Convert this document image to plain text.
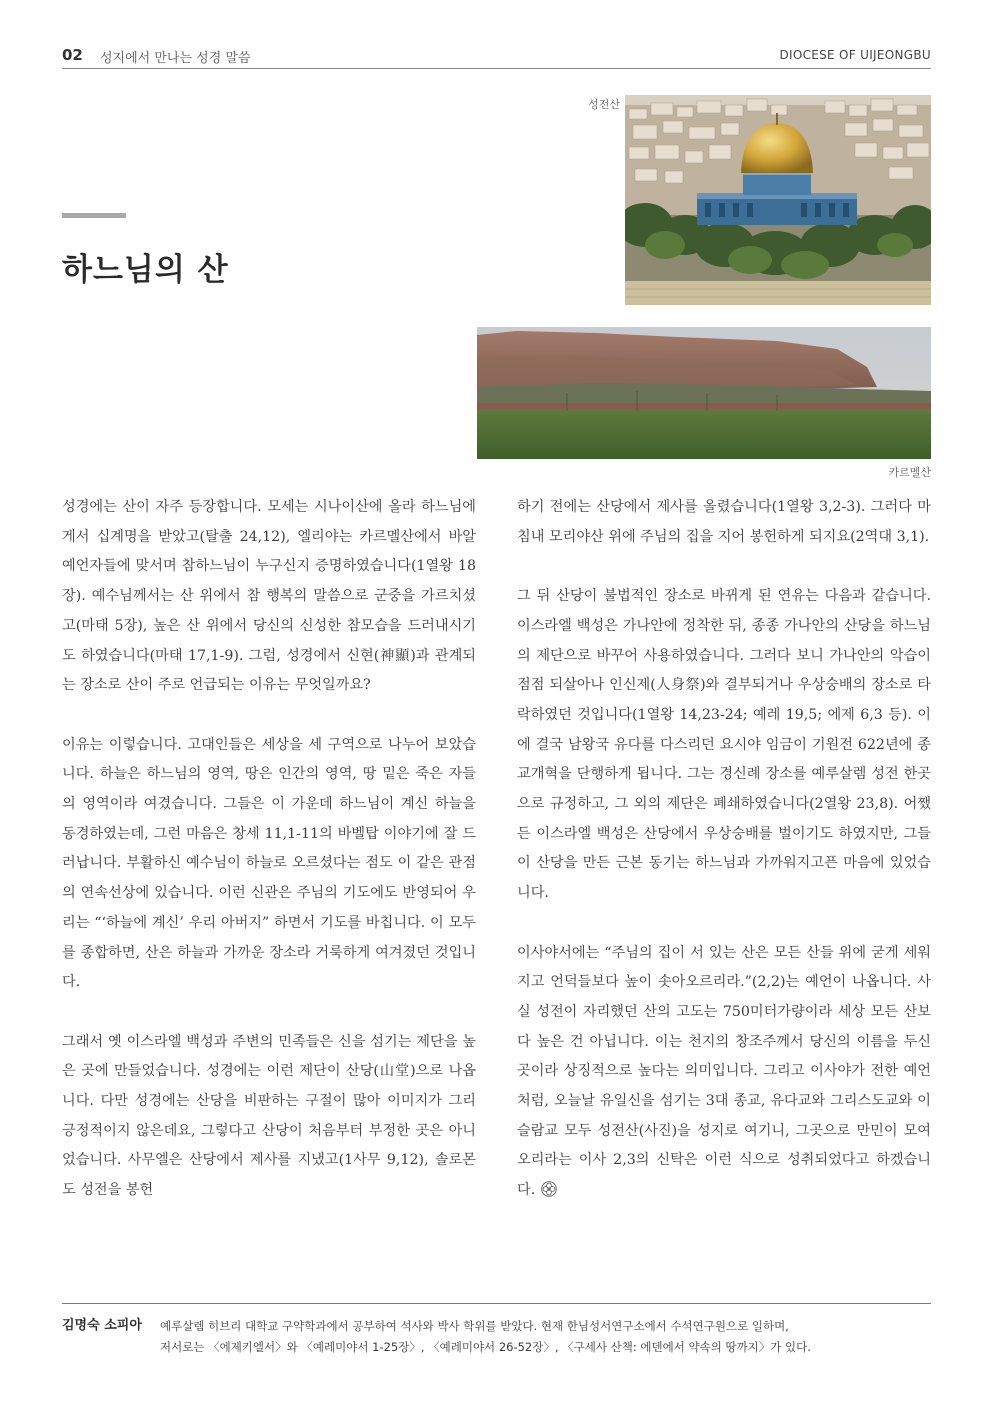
02 성지에서 만나는 성경 말씀	DIOCESE OF UIJEONGBU
하느님의 산
성전산
카르멜산

성경에는 산이 자주 등장합니다. 모세는 시나이산에 올라 하느님에게서 십계명을 받았고(탈출 24,12), 엘리야는 카르멜산에서 바알 예언자들에 맞서며 참하느님이 누구신지 증명하였습니다(1열왕 18장). 예수님께서는 산 위에서 참 행복의 말씀으로 군중을 가르치셨고(마태 5장), 높은 산 위에서 당신의 신성한 참모습을 드러내시기도 하였습니다(마태 17,1-9). 그럼, 성경에서 신현(神顯)과 관계되는 장소로 산이 주로 언급되는 이유는 무엇일까요?

이유는 이렇습니다. 고대인들은 세상을 세 구역으로 나누어 보았습니다. 하늘은 하느님의 영역, 땅은 인간의 영역, 땅 밑은 죽은 자들의 영역이라 여겼습니다. 그들은 이 가운데 하느님이 계신 하늘을 동경하였는데, 그런 마음은 창세 11,1-11의 바벨탑 이야기에 잘 드러납니다. 부활하신 예수님이 하늘로 오르셨다는 점도 이 같은 관점의 연속선상에 있습니다. 이런 신관은 주님의 기도에도 반영되어 우리는 “‘하늘에 계신’ 우리 아버지” 하면서 기도를 바칩니다. 이 모두를 종합하면, 산은 하늘과 가까운 장소라 거룩하게 여겨졌던 것입니다.

그래서 옛 이스라엘 백성과 주변의 민족들은 신을 섬기는 제단을 높은 곳에 만들었습니다. 성경에는 이런 제단이 산당(山堂)으로 나옵니다. 다만 성경에는 산당을 비판하는 구절이 많아 이미지가 그리 긍정적이지 않은데요, 그렇다고 산당이 처음부터 부정한 곳은 아니었습니다. 사무엘은 산당에서 제사를 지냈고(1사무 9,12), 솔로몬도 성전을 봉헌

하기 전에는 산당에서 제사를 올렸습니다(1열왕 3,2-3). 그러다 마침내 모리야산 위에 주님의 집을 지어 봉헌하게 되지요(2역대 3,1).

그 뒤 산당이 불법적인 장소로 바뀌게 된 연유는 다음과 같습니다. 이스라엘 백성은 가나안에 정착한 뒤, 종종 가나안의 산당을 하느님의 제단으로 바꾸어 사용하였습니다. 그러다 보니 가나안의 악습이 점점 되살아나 인신제(人身祭)와 결부되거나 우상숭배의 장소로 타락하였던 것입니다(1열왕 14,23-24; 예레 19,5; 에제 6,3 등). 이에 결국 남왕국 유다를 다스리던 요시야 임금이 기원전 622년에 종교개혁을 단행하게 됩니다. 그는 경신례 장소를 예루살렘 성전 한곳으로 규정하고, 그 외의 제단은 폐쇄하였습니다(2열왕 23,8). 어쨌든 이스라엘 백성은 산당에서 우상숭배를 벌이기도 하였지만, 그들이 산당을 만든 근본 동기는 하느님과 가까워지고픈 마음에 있었습니다.

이사야서에는 “주님의 집이 서 있는 산은 모든 산들 위에 굳게 세워지고 언덕들보다 높이 솟아오르리라.”(2,2)는 예언이 나옵니다. 사실 성전이 자리했던 산의 고도는 750미터가량이라 세상 모든 산보다 높은 건 아닙니다. 이는 천지의 창조주께서 당신의 이름을 두신 곳이라 상징적으로 높다는 의미입니다. 그리고 이사야가 전한 예언처럼, 오늘날 유일신을 섬기는 3대 종교, 유다교와 그리스도교와 이슬람교 모두 성전산(사진)을 성지로 여기니, 그곳으로 만민이 모여오리라는 이사 2,3의 신탁은 이런 식으로 성취되었다고 하겠습니다.

김명숙 소피아 예루살렘 히브리 대학교 구약학과에서 공부하여 석사와 박사 학위를 받았다. 현재 한님성서연구소에서 수석연구원으로 일하며,
저서로는 〈에제키엘서〉와 〈예레미야서 1-25장〉, 〈예레미야서 26-52장〉, 〈구세사 산책: 에덴에서 약속의 땅까지〉가 있다.
